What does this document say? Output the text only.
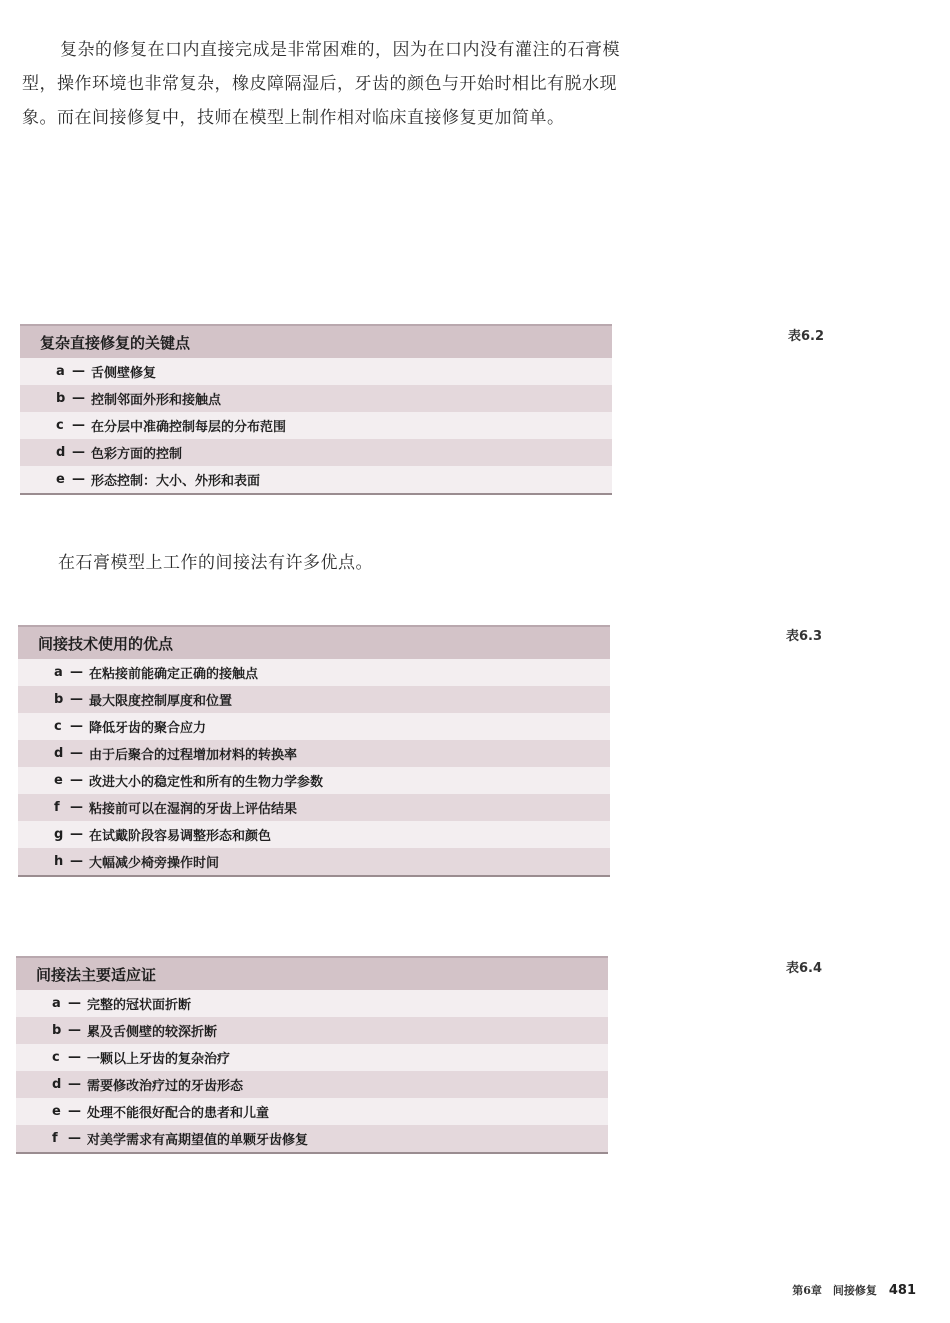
复杂的修复在口内直接完成是非常困难的，因为在口内没有灌注的石膏模型，操作环境也非常复杂，橡皮障隔湿后，牙齿的颜色与开始时相比有脱水现象。而在间接修复中，技师在模型上制作相对临床直接修复更加简单。

复杂直接修复的关键点
a — 舌侧壁修复
b — 控制邻面外形和接触点
c — 在分层中准确控制每层的分布范围
d — 色彩方面的控制
e — 形态控制：大小、外形和表面
表6.2

在石膏模型上工作的间接法有许多优点。

间接技术使用的优点
a — 在粘接前能确定正确的接触点
b — 最大限度控制厚度和位置
c — 降低牙齿的聚合应力
d — 由于后聚合的过程增加材料的转换率
e — 改进大小的稳定性和所有的生物力学参数
f — 粘接前可以在湿润的牙齿上评估结果
g — 在试戴阶段容易调整形态和颜色
h — 大幅减少椅旁操作时间
表6.3
间接法主要适应证
a — 完整的冠状面折断
b — 累及舌侧壁的较深折断
c — 一颗以上牙齿的复杂治疗
d — 需要修改治疗过的牙齿形态
e — 处理不能很好配合的患者和儿童
f — 对美学需求有高期望值的单颗牙齿修复
表6.4
第6章　间接修复 481
